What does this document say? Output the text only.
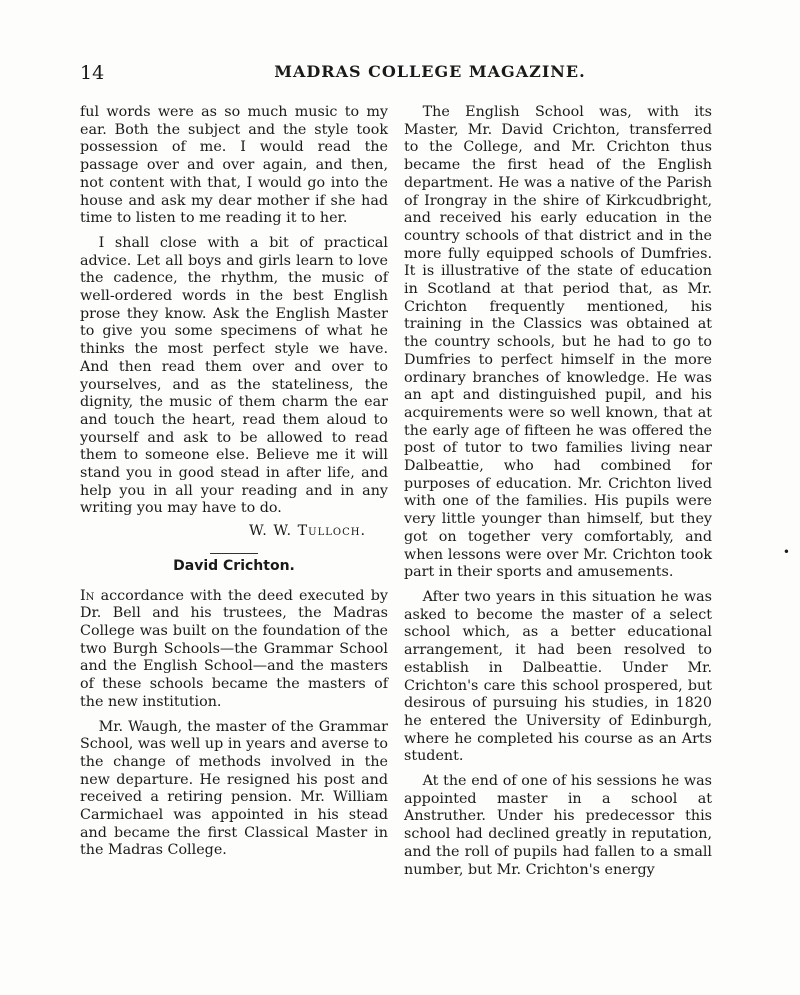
14	MADRAS COLLEGE MAGAZINE.

ful words were as so much music to my ear. Both the subject and the style took possession of me. I would read the passage over and over again, and then, not content with that, I would go into the house and ask my dear mother if she had time to listen to me reading it to her.

I shall close with a bit of practical advice. Let all boys and girls learn to love the cadence, the rhythm, the music of well-ordered words in the best English prose they know. Ask the English Master to give you some specimens of what he thinks the most perfect style we have. And then read them over and over to yourselves, and as the stateliness, the dignity, the music of them charm the ear and touch the heart, read them aloud to yourself and ask to be allowed to read them to someone else. Believe me it will stand you in good stead in after life, and help you in all your reading and in any writing you may have to do.

W. W. Tulloch.
David Crichton.

In accordance with the deed executed by Dr. Bell and his trustees, the Madras College was built on the foundation of the two Burgh Schools—the Grammar School and the English School—and the masters of these schools became the masters of the new institution.

Mr. Waugh, the master of the Grammar School, was well up in years and averse to the change of methods involved in the new departure. He resigned his post and received a retiring pension. Mr. William Carmichael was appointed in his stead and became the first Classical Master in the Madras College.

The English School was, with its Master, Mr. David Crichton, transferred to the College, and Mr. Crichton thus became the first head of the English department. He was a native of the Parish of Irongray in the shire of Kirkcudbright, and received his early education in the country schools of that district and in the more fully equipped schools of Dumfries. It is illustrative of the state of education in Scotland at that period that, as Mr. Crichton frequently mentioned, his training in the Classics was obtained at the country schools, but he had to go to Dumfries to perfect himself in the more ordinary branches of knowledge. He was an apt and distinguished pupil, and his acquirements were so well known, that at the early age of fifteen he was offered the post of tutor to two families living near Dalbeattie, who had combined for purposes of education. Mr. Crichton lived with one of the families. His pupils were very little younger than himself, but they got on together very comfortably, and when lessons were over Mr. Crichton took part in their sports and amusements.

After two years in this situation he was asked to become the master of a select school which, as a better educational arrangement, it had been resolved to establish in Dalbeattie. Under Mr. Crichton's care this school prospered, but desirous of pursuing his studies, in 1820 he entered the University of Edinburgh, where he completed his course as an Arts student.

At the end of one of his sessions he was appointed master in a school at Anstruther. Under his predecessor this school had declined greatly in reputation, and the roll of pupils had fallen to a small number, but Mr. Crichton's energy

•
